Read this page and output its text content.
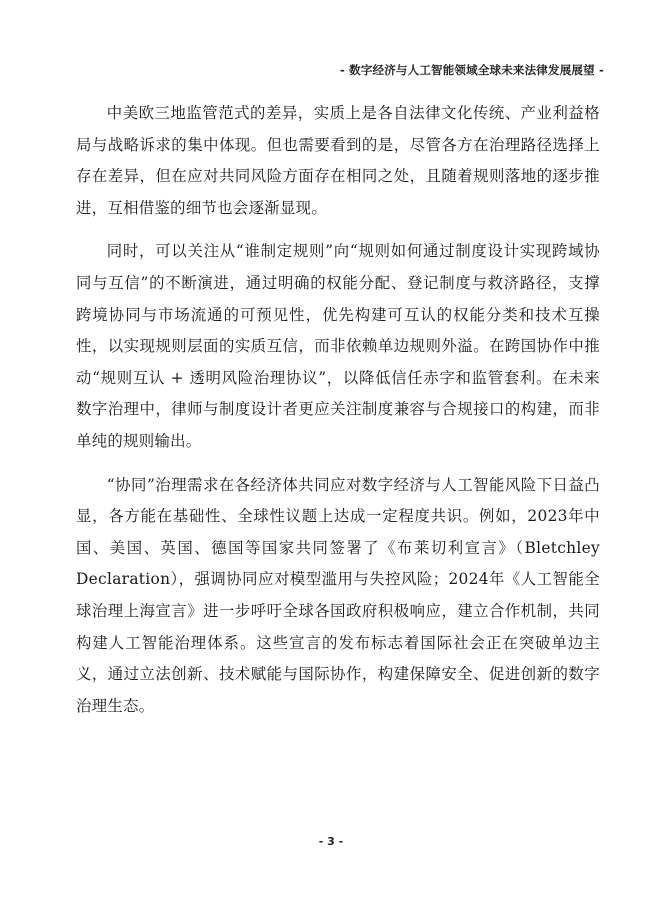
- 数字经济与人工智能领域全球未来法律发展展望 -

中美欧三地监管范式的差异，实质上是各自法律文化传统、产业利益格局与战略诉求的集中体现。但也需要看到的是，尽管各方在治理路径选择上存在差异，但在应对共同风险方面存在相同之处，且随着规则落地的逐步推进，互相借鉴的细节也会逐渐显现。

同时，可以关注从“谁制定规则”向“规则如何通过制度设计实现跨域协同与互信”的不断演进，通过明确的权能分配、登记制度与救济路径，支撑跨境协同与市场流通的可预见性，优先构建可互认的权能分类和技术互操性，以实现规则层面的实质互信，而非依赖单边规则外溢。在跨国协作中推动“规则互认 + 透明风险治理协议”，以降低信任赤字和监管套利。在未来数字治理中，律师与制度设计者更应关注制度兼容与合规接口的构建，而非单纯的规则输出。

“协同”治理需求在各经济体共同应对数字经济与人工智能风险下日益凸显，各方能在基础性、全球性议题上达成一定程度共识。例如，2023年中国、美国、英国、德国等国家共同签署了《布莱切利宣言》（Bletchley Declaration），强调协同应对模型滥用与失控风险；2024年《人工智能全球治理上海宣言》进一步呼吁全球各国政府积极响应，建立合作机制，共同构建人工智能治理体系。这些宣言的发布标志着国际社会正在突破单边主义，通过立法创新、技术赋能与国际协作，构建保障安全、促进创新的数字治理生态。

- 3 -
